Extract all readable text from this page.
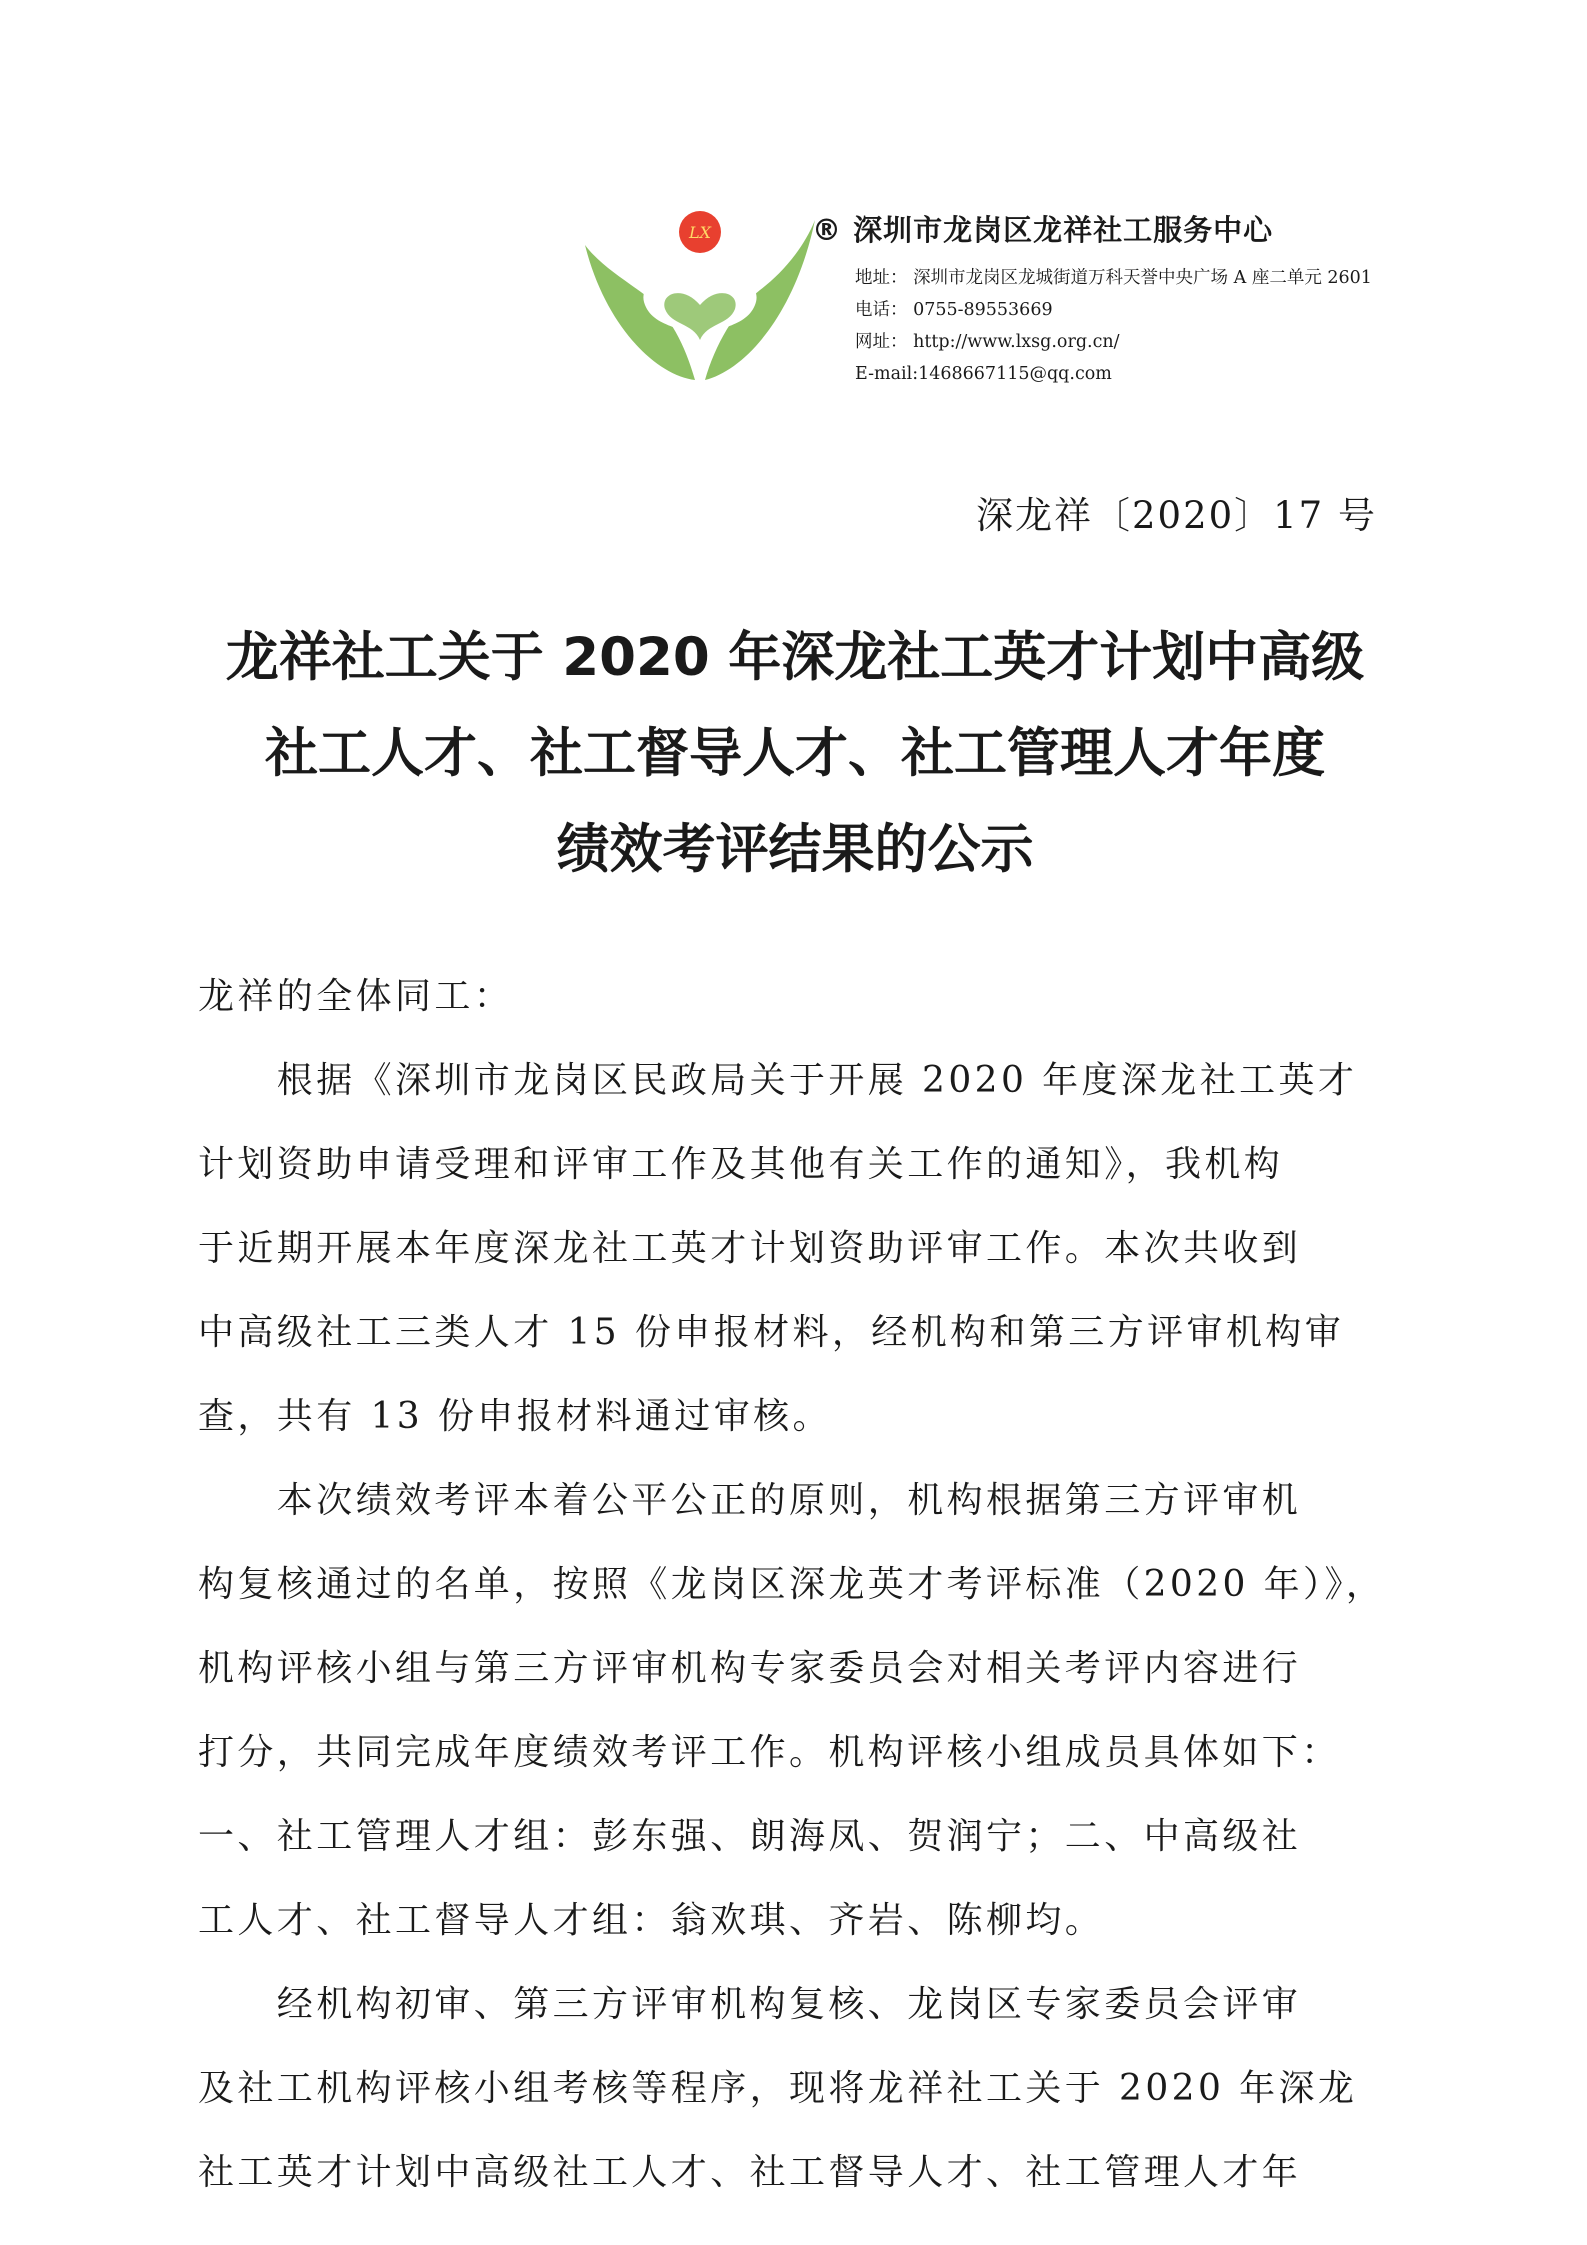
LX	® 深圳市龙岗区龙祥社工服务中心
地址： 深圳市龙岗区龙城街道万科天誉中央广场 A 座二单元 2601
电话： 0755-89553669
网址： http://www.lxsg.org.cn/
E-mail:1468667115@qq.com
深龙祥〔2020〕17 号
龙祥社工关于 2020 年深龙社工英才计划中高级
社工人才、社工督导人才、社工管理人才年度
绩效考评结果的公示
龙祥的全体同工：
　　根据《深圳市龙岗区民政局关于开展 2020 年度深龙社工英才
计划资助申请受理和评审工作及其他有关工作的通知》，我机构
于近期开展本年度深龙社工英才计划资助评审工作。本次共收到
中高级社工三类人才 15 份申报材料，经机构和第三方评审机构审
查，共有 13 份申报材料通过审核。
　　本次绩效考评本着公平公正的原则，机构根据第三方评审机
构复核通过的名单，按照《龙岗区深龙英才考评标准（2020 年）》，
机构评核小组与第三方评审机构专家委员会对相关考评内容进行
打分，共同完成年度绩效考评工作。机构评核小组成员具体如下：
一、社工管理人才组：彭东强、朗海凤、贺润宁；二、中高级社
工人才、社工督导人才组：翁欢琪、齐岩、陈柳均。
　　经机构初审、第三方评审机构复核、龙岗区专家委员会评审
及社工机构评核小组考核等程序，现将龙祥社工关于 2020 年深龙
社工英才计划中高级社工人才、社工督导人才、社工管理人才年
